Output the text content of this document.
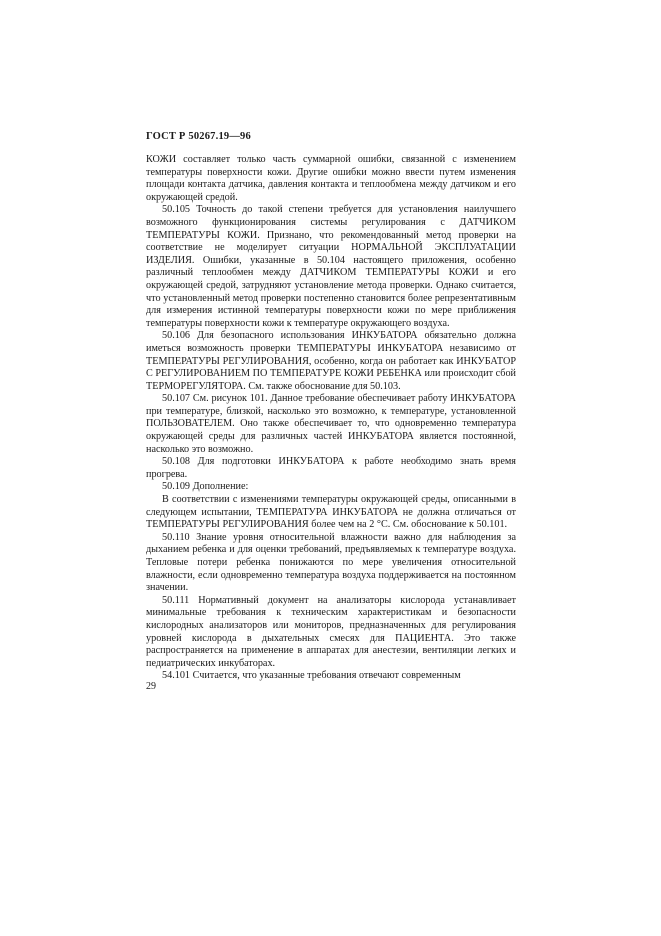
ГОСТ Р 50267.19—96

КОЖИ составляет только часть суммарной ошибки, связанной с изменением температуры поверхности кожи. Другие ошибки можно ввести путем изменения площади контакта датчика, давления контакта и теплообмена между датчиком и его окружающей средой.

50.105 Точность до такой степени требуется для установления наилучшего возможного функционирования системы регулирования с ДАТЧИКОМ ТЕМПЕРАТУРЫ КОЖИ. Признано, что рекомендованный метод проверки на соответствие не моделирует ситуации НОРМАЛЬНОЙ ЭКСПЛУАТАЦИИ ИЗДЕЛИЯ. Ошибки, указанные в 50.104 настоящего приложения, особенно различный теплообмен между ДАТЧИКОМ ТЕМПЕРАТУРЫ КОЖИ и его окружающей средой, затрудняют установление метода проверки. Однако считается, что установленный метод проверки постепенно становится более репрезентативным для измерения истинной температуры поверхности кожи по мере приближения температуры поверхности кожи к температуре окружающего воздуха.

50.106 Для безопасного использования ИНКУБАТОРА обязательно должна иметься возможность проверки ТЕМПЕРАТУРЫ ИНКУБАТОРА независимо от ТЕМПЕРАТУРЫ РЕГУЛИРОВАНИЯ, особенно, когда он работает как ИНКУБАТОР С РЕГУЛИРОВАНИЕМ ПО ТЕМПЕРАТУРЕ КОЖИ РЕБЕНКА или происходит сбой ТЕРМОРЕГУЛЯТОРА. См. также обоснование для 50.103.

50.107 См. рисунок 101. Данное требование обеспечивает работу ИНКУБАТОРА при температуре, близкой, насколько это возможно, к температуре, установленной ПОЛЬЗОВАТЕЛЕМ. Оно также обеспечивает то, что одновременно температура окружающей среды для различных частей ИНКУБАТОРА является постоянной, насколько это возможно.

50.108 Для подготовки ИНКУБАТОРА к работе необходимо знать время прогрева.

50.109 Дополнение:

В соответствии с изменениями температуры окружающей среды, описанными в следующем испытании, ТЕМПЕРАТУРА ИНКУБАТОРА не должна отличаться от ТЕМПЕРАТУРЫ РЕГУЛИРОВАНИЯ более чем на 2 °С. См. обоснование к 50.101.

50.110 Знание уровня относительной влажности важно для наблюдения за дыханием ребенка и для оценки требований, предъявляемых к температуре воздуха. Тепловые потери ребенка понижаются по мере увеличения относительной влажности, если одновременно температура воздуха поддерживается на постоянном значении.

50.111 Нормативный документ на анализаторы кислорода устанавливает минимальные требования к техническим характеристикам и безопасности кислородных анализаторов или мониторов, предназначенных для регулирования уровней кислорода в дыхательных смесях для ПАЦИЕНТА. Это также распространяется на применение в аппаратах для анестезии, вентиляции легких и педиатрических инкубаторах.

54.101 Считается, что указанные требования отвечают современным

29
